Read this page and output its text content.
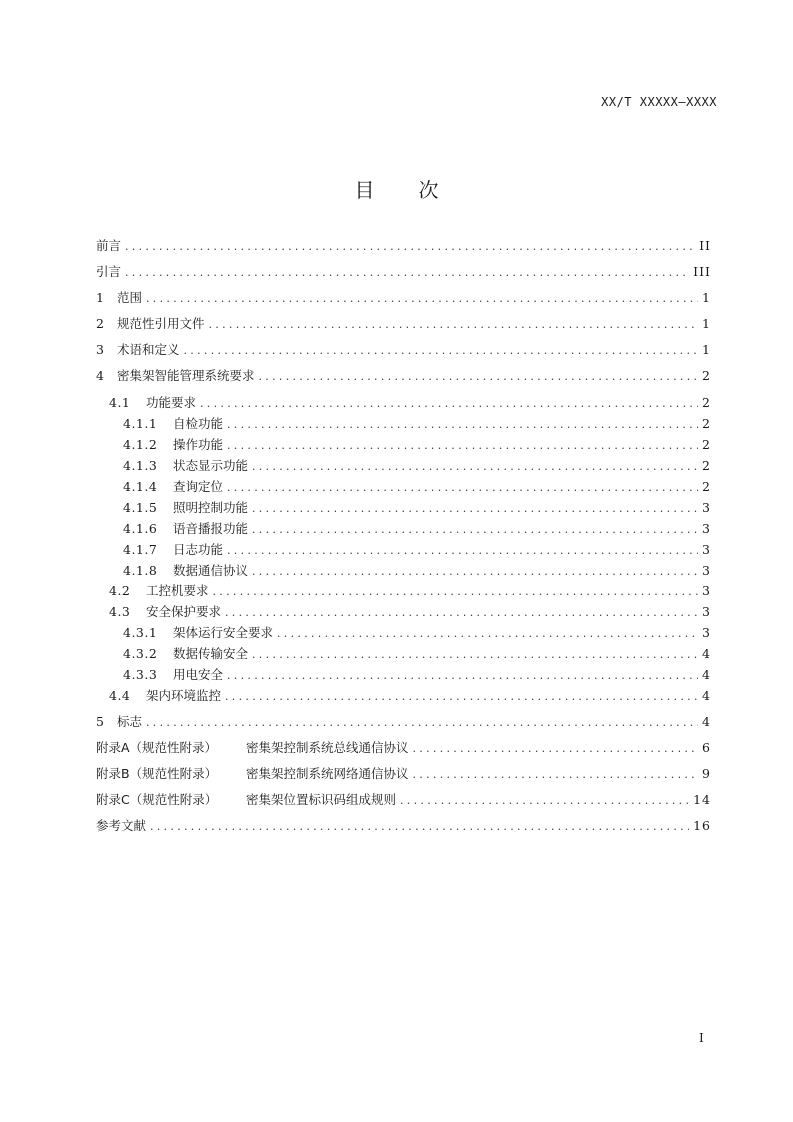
XX/T XXXXX—XXXX
目 次
前言 .....	II
引言 .....	III
1	范围 .....	1
2	规范性引用文件 .....	1
3	术语和定义 .....	1
4	密集架智能管理系统要求 .....	2
4.1	功能要求 .....	2
4.1.1	自检功能 .....	2
4.1.2	操作功能 .....	2
4.1.3	状态显示功能 .....	2
4.1.4	查询定位 .....	2
4.1.5	照明控制功能 .....	3
4.1.6	语音播报功能 .....	3
4.1.7	日志功能 .....	3
4.1.8	数据通信协议 .....	3
4.2	工控机要求 .....	3
4.3	安全保护要求 .....	3
4.3.1	架体运行安全要求 .....	3
4.3.2	数据传输安全 .....	4
4.3.3	用电安全 .....	4
4.4	架内环境监控 .....	4
5	标志 .....	4
附录A（规范性附录）	密集架控制系统总线通信协议 .....	6
附录B（规范性附录）	密集架控制系统网络通信协议 .....	9
附录C（规范性附录）	密集架位置标识码组成规则 .....	14
参考文献 .....	16
I
